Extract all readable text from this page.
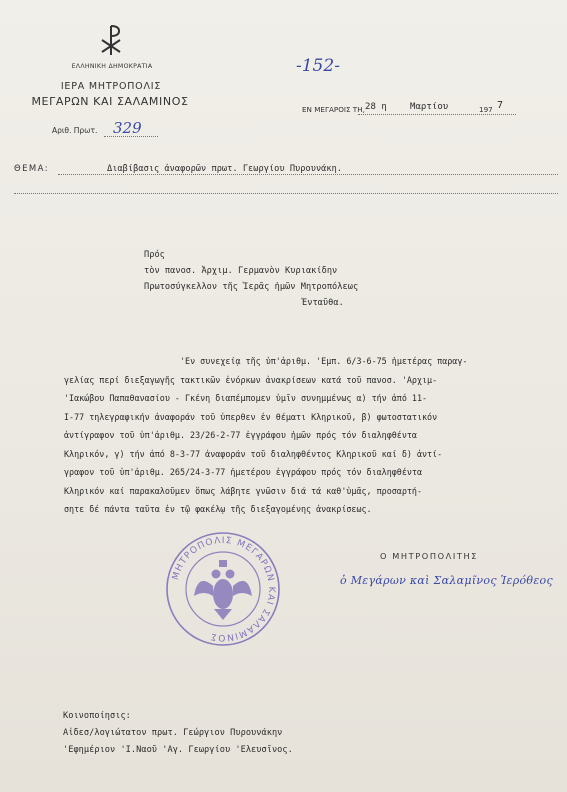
ΕΛΛΗΝΙΚΗ ΔΗΜΟΚΡΑΤΙΑ
ΙΕΡΑ ΜΗΤΡΟΠΟΛΙΣ
ΜΕΓΑΡΩΝ ΚΑΙ ΣΑΛΑΜΙΝΟΣ
Αριθ. Πρωτ. 329
-152-
ΕΝ ΜΕΓΑΡΟΙΣ ΤΗ, 28 η	Μαρτίου	197 7
ΘΕΜΑ:	Διαβίβασις ἀναφορῶν πρωτ. Γεωργίου Πυρουνάκη.
Πρός
τὸν πανοσ. Ἀρχιμ. Γερμανὸν Κυριακίδην
Πρωτοσύγκελλον τῆς Ἱερᾶς ἡμῶν Μητροπόλεως
Ἐνταῦθα.
'Εν συνεχείᾳ τῆς ὑπ'ἀριθμ. 'Εμπ. 6/3-6-75 ἡμετέρας παραγ-
γελίας περί διεξαγωγῆς τακτικῶν ἐνόρκων ἀνακρίσεων κατά τοῦ πανοσ. 'Αρχιμ-
'Ιακώβου Παπαθανασίου - Γκένη διαπέμπομεν ὑμῖν συνημμένως α) τήν ἀπό 11-
I-77 τηλεγραφικήν ἀναφοράν τοῦ ὑπερθεν ἐν θέματι Κληρικοῦ, β) φωτοστατικόν
ἀντίγραφον τοῦ ὑπ'ἀριθμ. 23/26-2-77 ἐγγράφου ἡμῶν πρός τόν διαληφθέντα
Κληρικόν, γ) τήν ἀπό 8-3-77 ἀναφοράν τοῦ διαληφθέντος Κληρικοῦ καί δ) ἀντί-
γραφον τοῦ ὑπ'ἀριθμ. 265/24-3-77 ἡμετέρου ἐγγράφου πρός τόν διαληφθέντα
Κληρικόν καί παρακαλοῦμεν ὅπως λάβητε γνῶσιν διά τά καθ'ὑμᾶς, προσαρτή-
σητε δέ πάντα ταῦτα ἐν τῷ φακέλῳ τῆς διεξαγομένης ἀνακρίσεως.
ΜΗΤΡΟΠΟΛΙΣ ΜΕΓΑΡΩΝ ΚΑΙ ΣΑΛΑΜΙΝΟΣ
Ο ΜΗΤΡΟΠΟΛΙΤΗΣ
ὁ Μεγάρων καὶ Σαλαμῖνος Ἱερόθεος
Κοινοποίησις:
Αἰδεσ/λογιώτατον πρωτ. Γεώργιον Πυρουνάκην
'Εφημέριον 'Ι.Ναοῦ 'Αγ. Γεωργίου 'Ελευσῖνος.
